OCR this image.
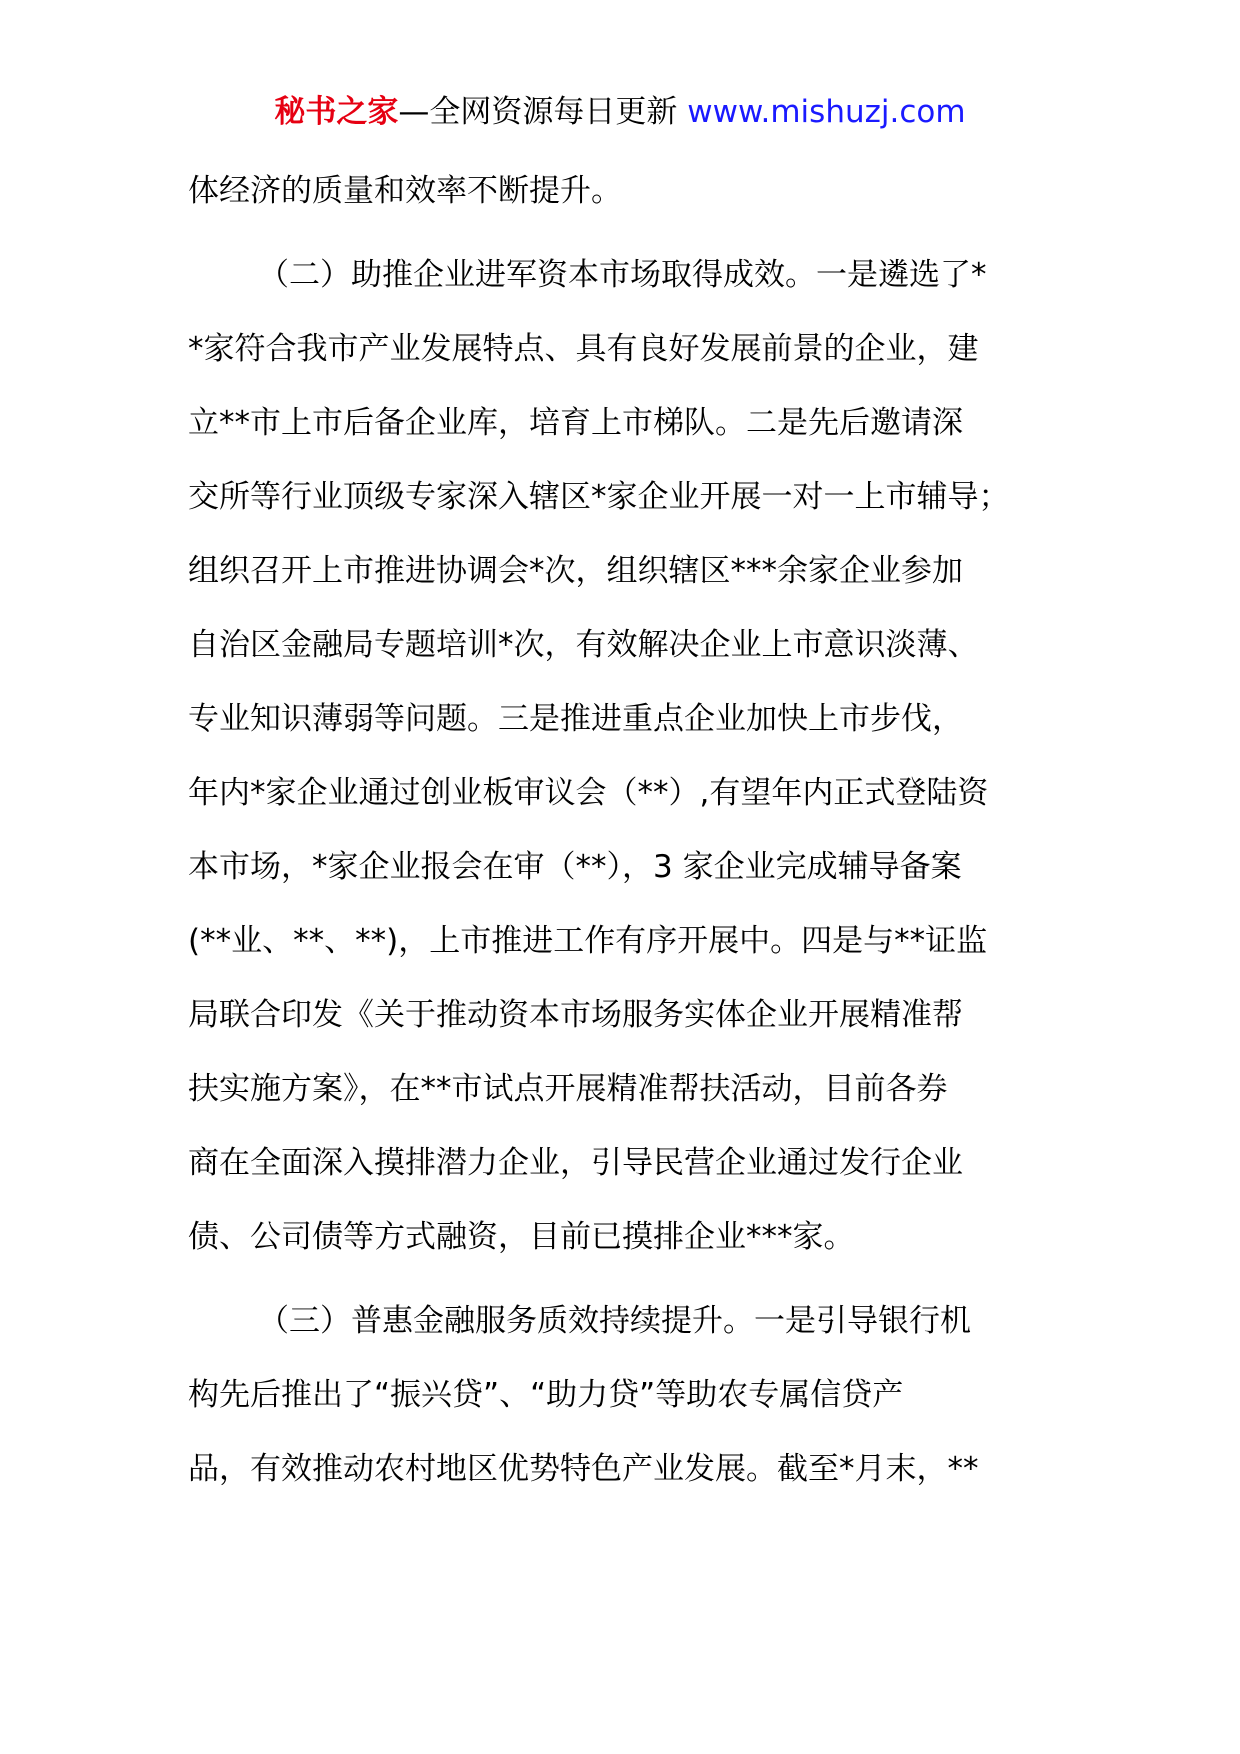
秘书之家—全网资源每日更新 www.mishuzj.com
体经济的质量和效率不断提升。
（二）助推企业进军资本市场取得成效。一是遴选了*
*家符合我市产业发展特点、具有良好发展前景的企业，建
立**市上市后备企业库，培育上市梯队。二是先后邀请深
交所等行业顶级专家深入辖区*家企业开展一对一上市辅导；
组织召开上市推进协调会*次，组织辖区***余家企业参加
自治区金融局专题培训*次，有效解决企业上市意识淡薄、
专业知识薄弱等问题。三是推进重点企业加快上市步伐，
年内*家企业通过创业板审议会（**）,有望年内正式登陆资
本市场，*家企业报会在审（**），3 家企业完成辅导备案
(**业、**、**)，上市推进工作有序开展中。四是与**证监
局联合印发《关于推动资本市场服务实体企业开展精准帮
扶实施方案》，在**市试点开展精准帮扶活动，目前各券
商在全面深入摸排潜力企业，引导民营企业通过发行企业
债、公司债等方式融资，目前已摸排企业***家。
（三）普惠金融服务质效持续提升。一是引导银行机
构先后推出了“振兴贷”、“助力贷”等助农专属信贷产
品，有效推动农村地区优势特色产业发展。截至*月末，**
